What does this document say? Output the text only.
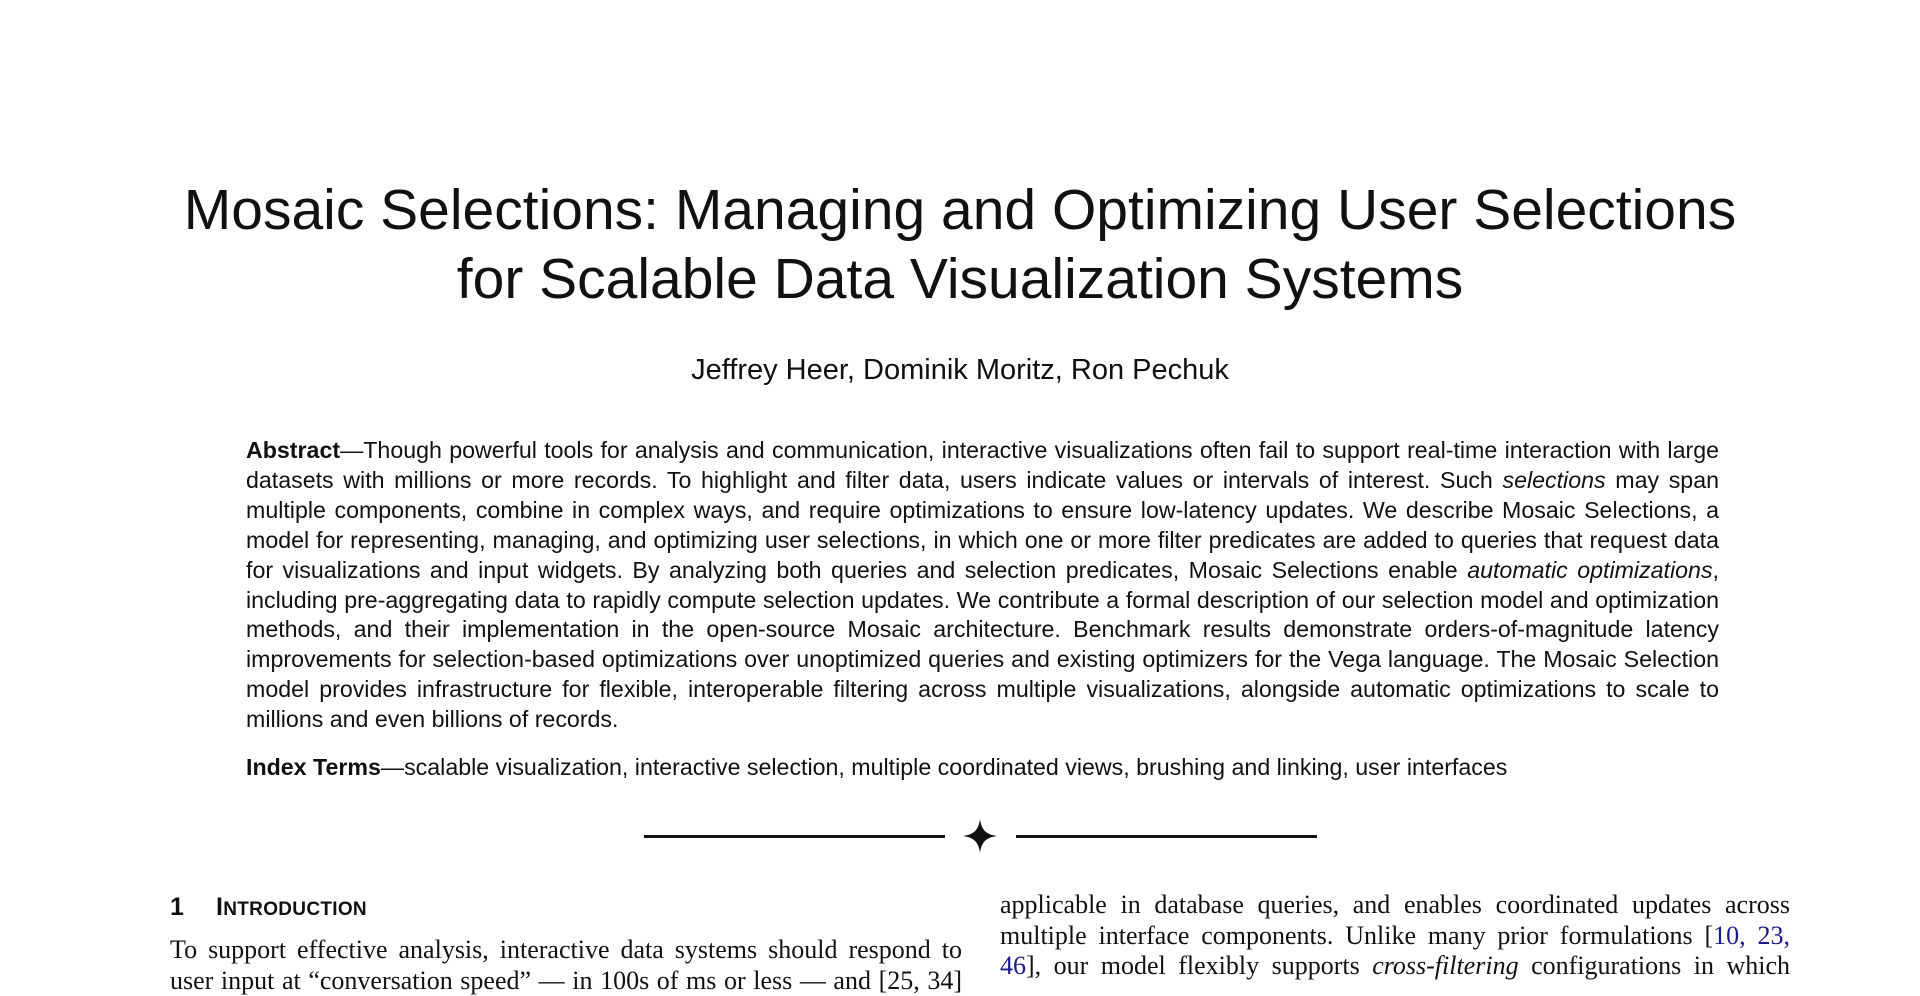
Mosaic Selections: Managing and Optimizing User Selections
for Scalable Data Visualization Systems
Jeffrey Heer, Dominik Moritz, Ron Pechuk

Abstract—Though powerful tools for analysis and communication, interactive visualizations often fail to support real-time interaction with large datasets with millions or more records. To highlight and filter data, users indicate values or intervals of interest. Such selections may span multiple components, combine in complex ways, and require optimizations to ensure low-latency updates. We describe Mosaic Selections, a model for representing, managing, and optimizing user selections, in which one or more filter predicates are added to queries that request data for visualizations and input widgets. By analyzing both queries and selection predicates, Mosaic Selections enable automatic optimizations, including pre-aggregating data to rapidly compute selection updates. We contribute a formal description of our selection model and optimization methods, and their implementation in the open-source Mosaic architecture. Benchmark results demonstrate orders-of-magnitude latency improvements for selection-based optimizations over unoptimized queries and existing optimizers for the Vega language. The Mosaic Selection model provides infrastructure for flexible, interoperable filtering across multiple visualizations, alongside automatic optimizations to scale to millions and even billions of records.

Index Terms—scalable visualization, interactive selection, multiple coordinated views, brushing and linking, user interfaces

1 INTRODUCTION

To support effective analysis, interactive data systems should respond to
user input at “conversation speed” — in 100s of ms or less — and [25, 34]

applicable in database queries, and enables coordinated updates across
multiple interface components. Unlike many prior formulations [10, 23,
46], our model flexibly supports cross-filtering configurations in which
